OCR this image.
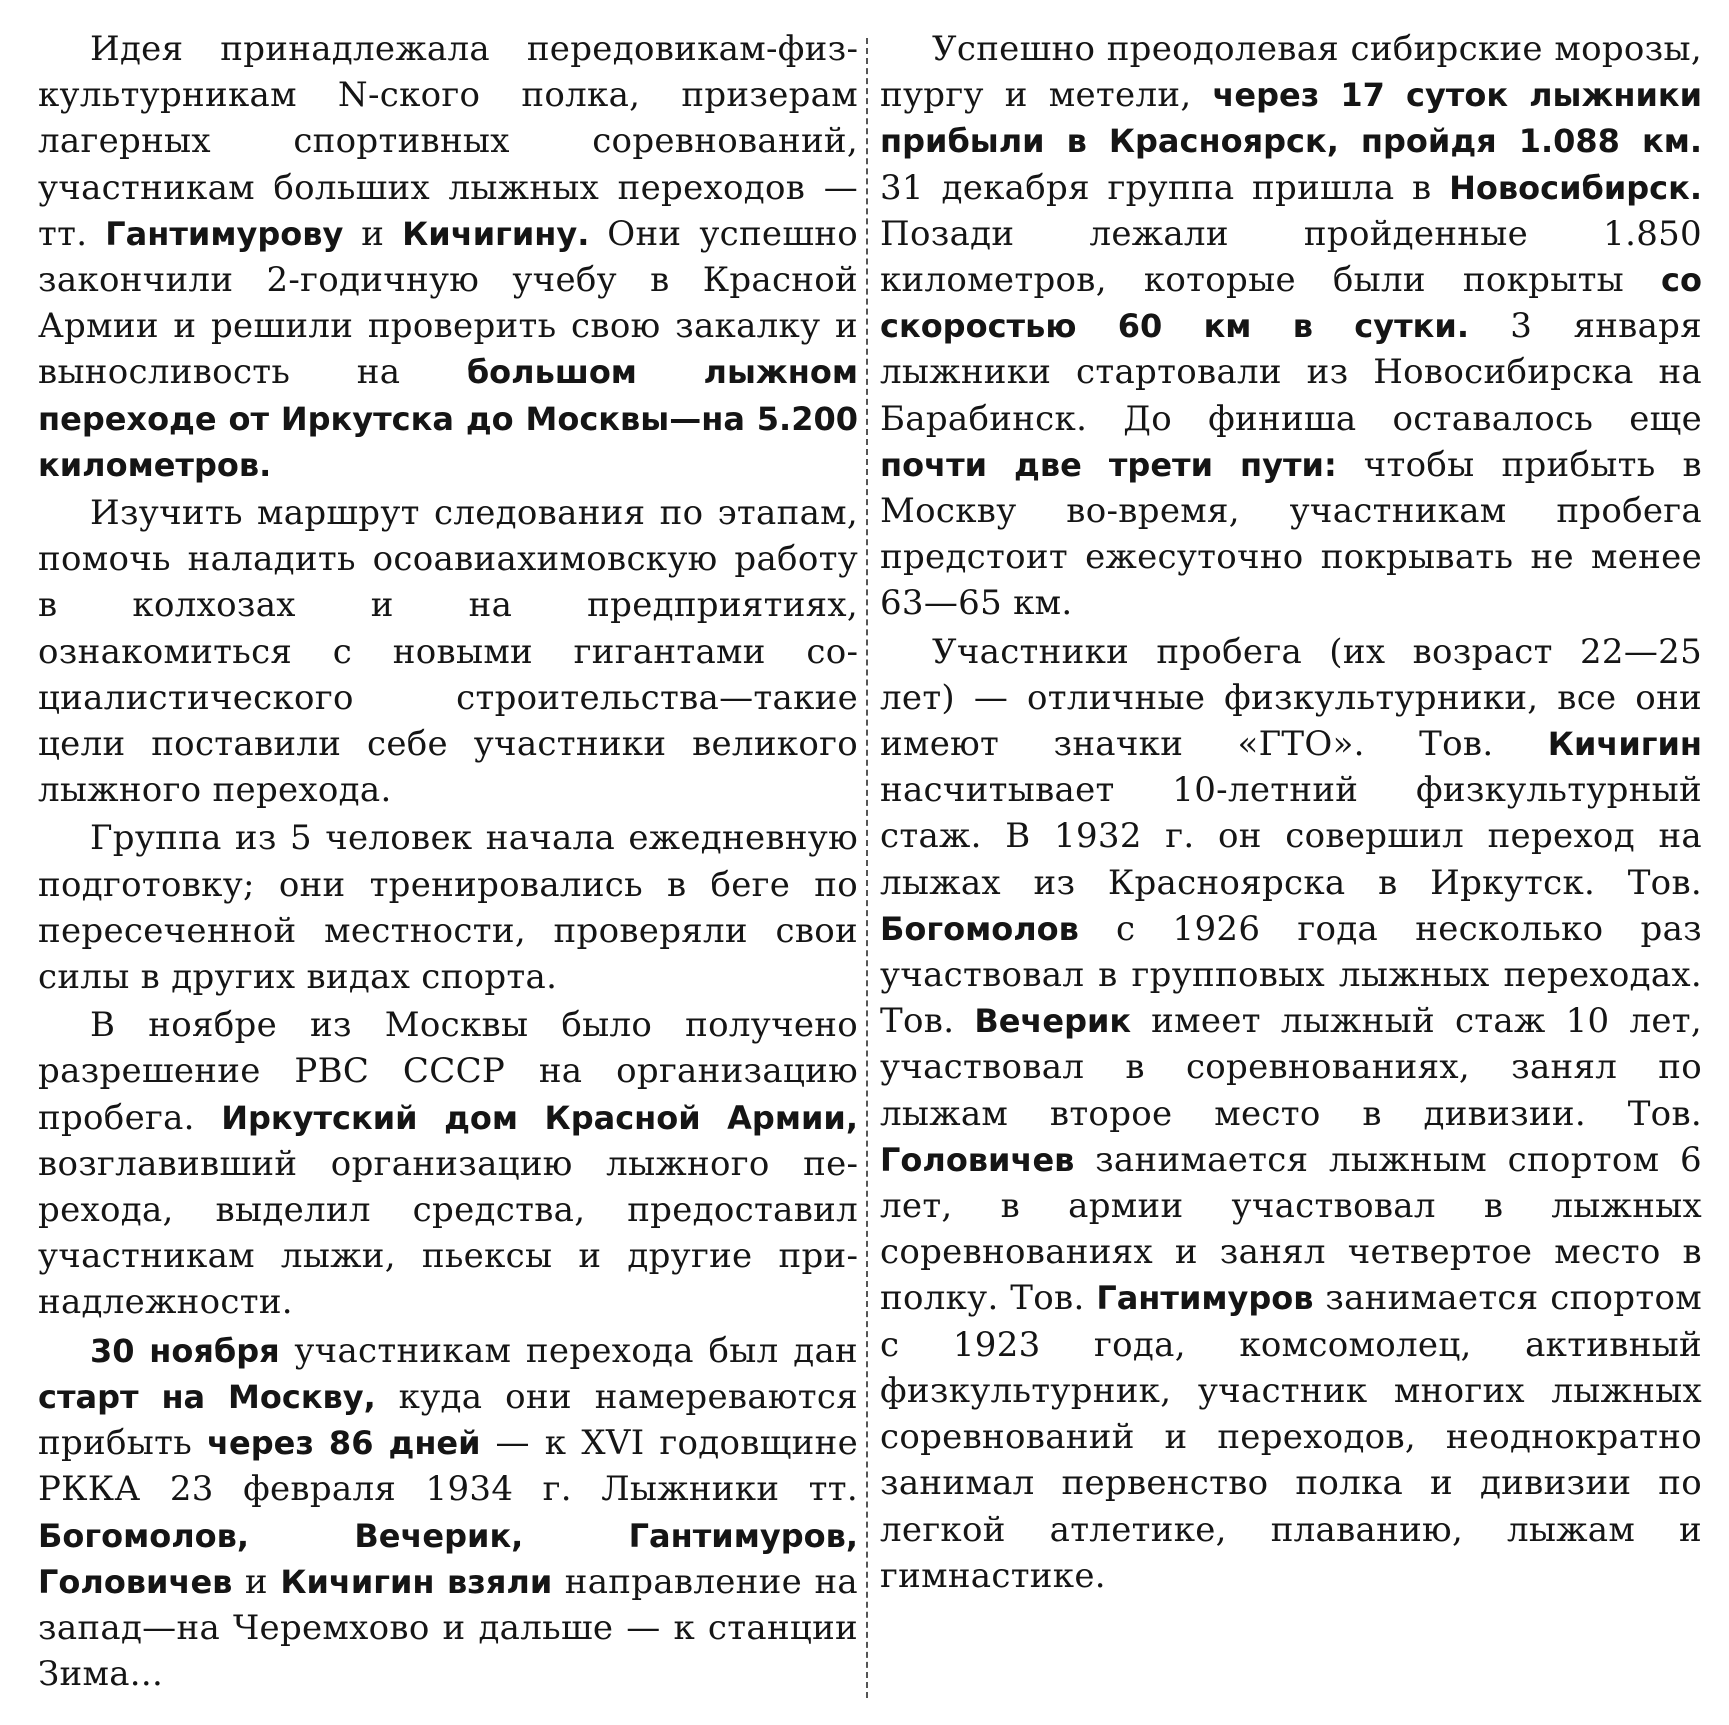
Идея принадлежала передовикам-физкультурникам N-ского полка, призерам лагерных спортивных соревнований, участникам больших лыжных переходов — тт. Гантимурову и Кичигину. Они успешно закончили 2-годичную учебу в Красной Армии и решили проверить свою закалку и выносливость на большом лыжном переходе от Иркутска до Москвы—на 5.200 километров.

Изучить маршрут следования по этапам, помочь наладить осоавиахимовскую работу в колхозах и на предприятиях, ознакомиться с новыми гигантами социалистического строительства—такие цели поставили себе участники великого лыжного перехода.

Группа из 5 человек начала ежедневную подготовку; они тренировались в беге по пересеченной местности, проверяли свои силы в других видах спорта.

В ноябре из Москвы было получено разрешение РВС СССР на организацию пробега. Иркутский дом Красной Армии, возглавивший организацию лыжного перехода, выделил средства, предоставил участникам лыжи, пьексы и другие принадлежности.

30 ноября участникам перехода был дан старт на Москву, куда они намереваются прибыть через 86 дней — к XVI годовщине РККА 23 февраля 1934 г. Лыжники тт. Богомолов, Вечерик, Гантимуров, Головичев и Кичигин взяли направление на запад—на Черемхово и дальше — к станции Зима...

Успешно преодолевая сибирские морозы, пургу и метели, через 17 суток лыжники прибыли в Красноярск, пройдя 1.088 км. 31 декабря группа пришла в Новосибирск. Позади лежали пройденные 1.850 километров, которые были покрыты со скоростью 60 км в сутки. 3 января лыжники стартовали из Новосибирска на Барабинск. До финиша оставалось еще почти две трети пути: чтобы прибыть в Москву во-время, участникам пробега предстоит ежесуточно покрывать не менее 63—65 км.

Участники пробега (их возраст 22—25 лет) — отличные физкультурники, все они имеют значки «ГТО». Тов. Кичигин насчитывает 10-летний физкультурный стаж. В 1932 г. он совершил переход на лыжах из Красноярска в Иркутск. Тов. Богомолов с 1926 года несколько раз участвовал в групповых лыжных переходах. Тов. Вечерик имеет лыжный стаж 10 лет, участвовал в соревнованиях, занял по лыжам второе место в дивизии. Тов. Головичев занимается лыжным спортом 6 лет, в армии участвовал в лыжных соревнованиях и занял четвертое место в полку. Тов. Гантимуров занимается спортом с 1923 года, комсомолец, активный физкультурник, участник многих лыжных соревнований и переходов, неоднократно занимал первенство полка и дивизии по легкой атлетике, плаванию, лыжам и гимнастике.
